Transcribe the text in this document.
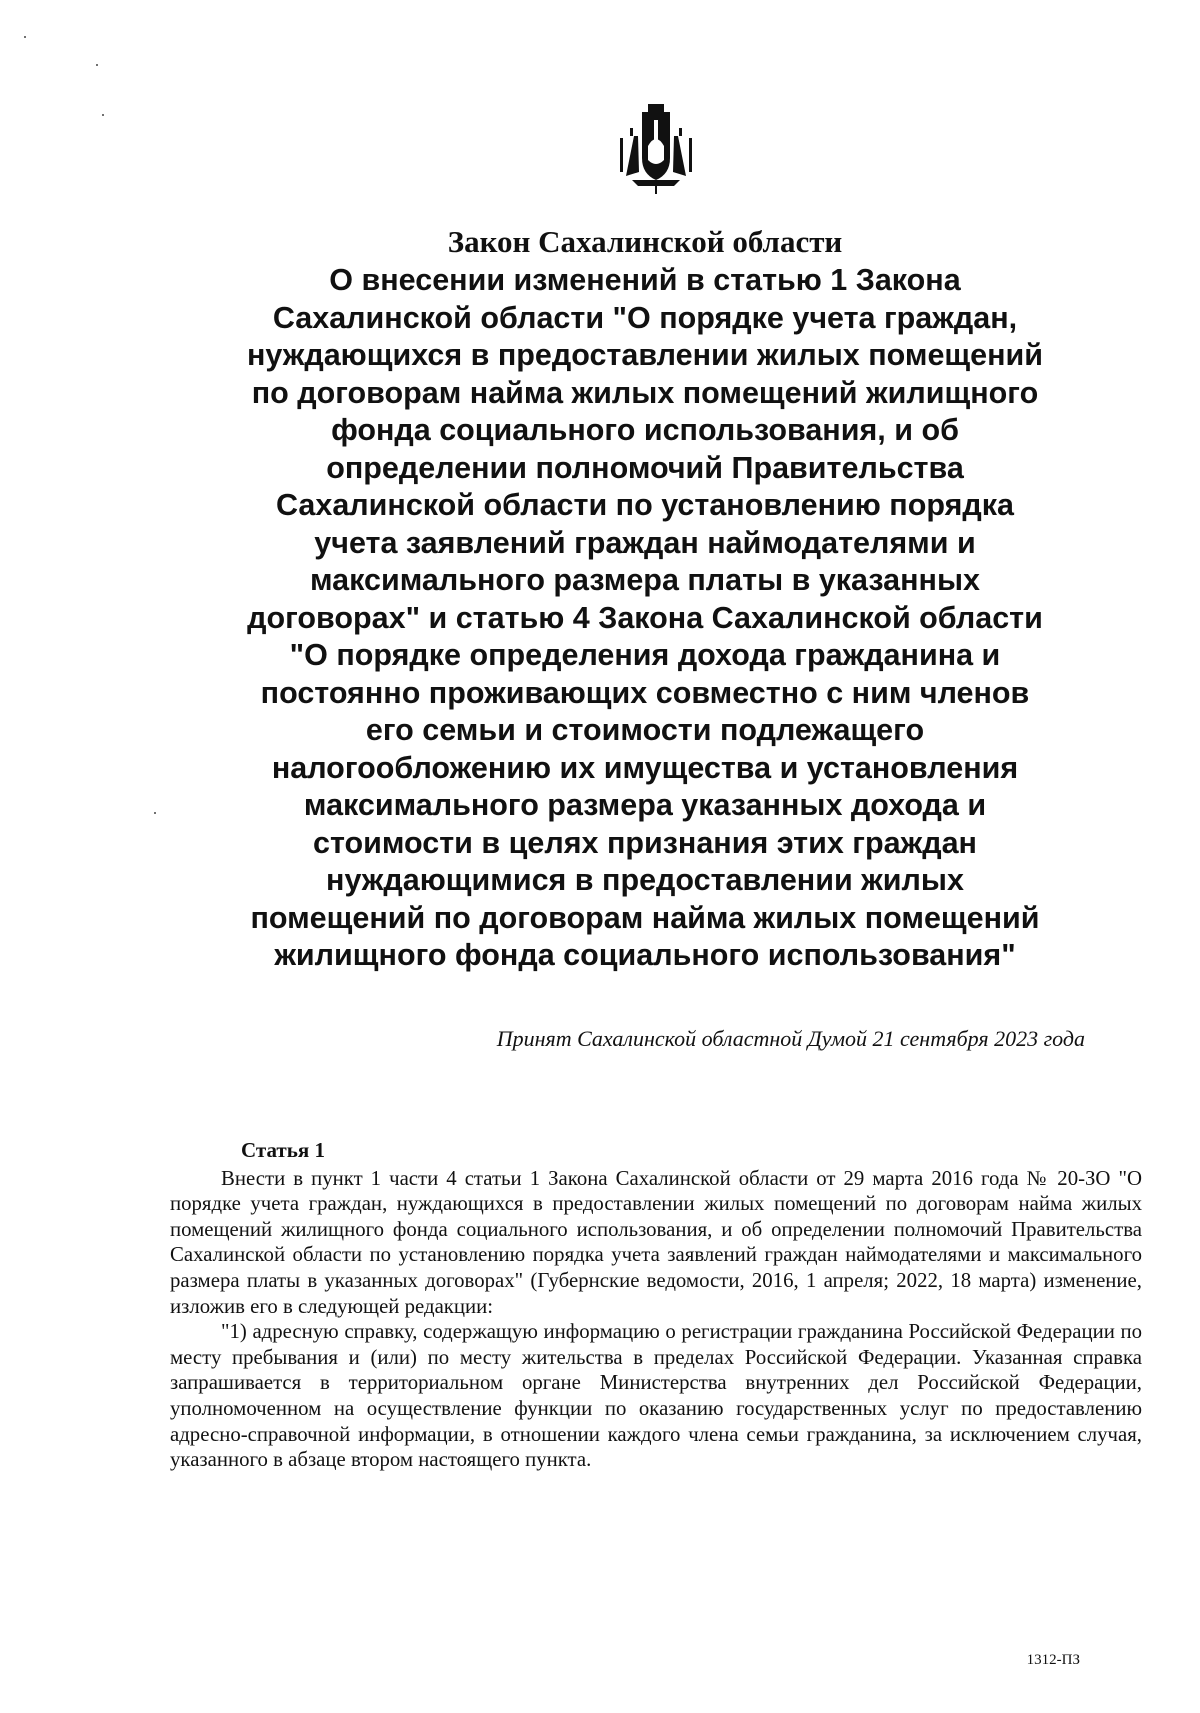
Закон Сахалинской области
О внесении изменений в статью 1 Закона
Сахалинской области "О порядке учета граждан,
нуждающихся в предоставлении жилых помещений
по договорам найма жилых помещений жилищного
фонда социального использования, и об
определении полномочий Правительства
Сахалинской области по установлению порядка
учета заявлений граждан наймодателями и
максимального размера платы в указанных
договорах" и статью 4 Закона Сахалинской области
"О порядке определения дохода гражданина и
постоянно проживающих совместно с ним членов
его семьи и стоимости подлежащего
налогообложению их имущества и установления
максимального размера указанных дохода и
стоимости в целях признания этих граждан
нуждающимися в предоставлении жилых
помещений по договорам найма жилых помещений
жилищного фонда социального использования"
Принят Сахалинской областной Думой 21 сентября 2023 года
Статья 1

Внести в пункт 1 части 4 статьи 1 Закона Сахалинской области от 29 марта 2016 года № 20-ЗО "О порядке учета граждан, нуждающихся в предоставлении жилых помещений по договорам найма жилых помещений жилищного фонда социального использования, и об определении полномочий Правительства Сахалинской области по установлению порядка учета заявлений граждан наймодателями и максимального размера платы в указанных договорах" (Губернские ведомости, 2016, 1 апреля; 2022, 18 марта) изменение, изложив его в следующей редакции:

"1) адресную справку, содержащую информацию о регистрации гражданина Российской Федерации по месту пребывания и (или) по месту жительства в пределах Российской Федерации. Указанная справка запрашивается в территориальном органе Министерства внутренних дел Российской Федерации, уполномоченном на осуществление функции по оказанию государственных услуг по предоставлению адресно-справочной информации, в отношении каждого члена семьи гражданина, за исключением случая, указанного в абзаце втором настоящего пункта.

1312-ПЗ
